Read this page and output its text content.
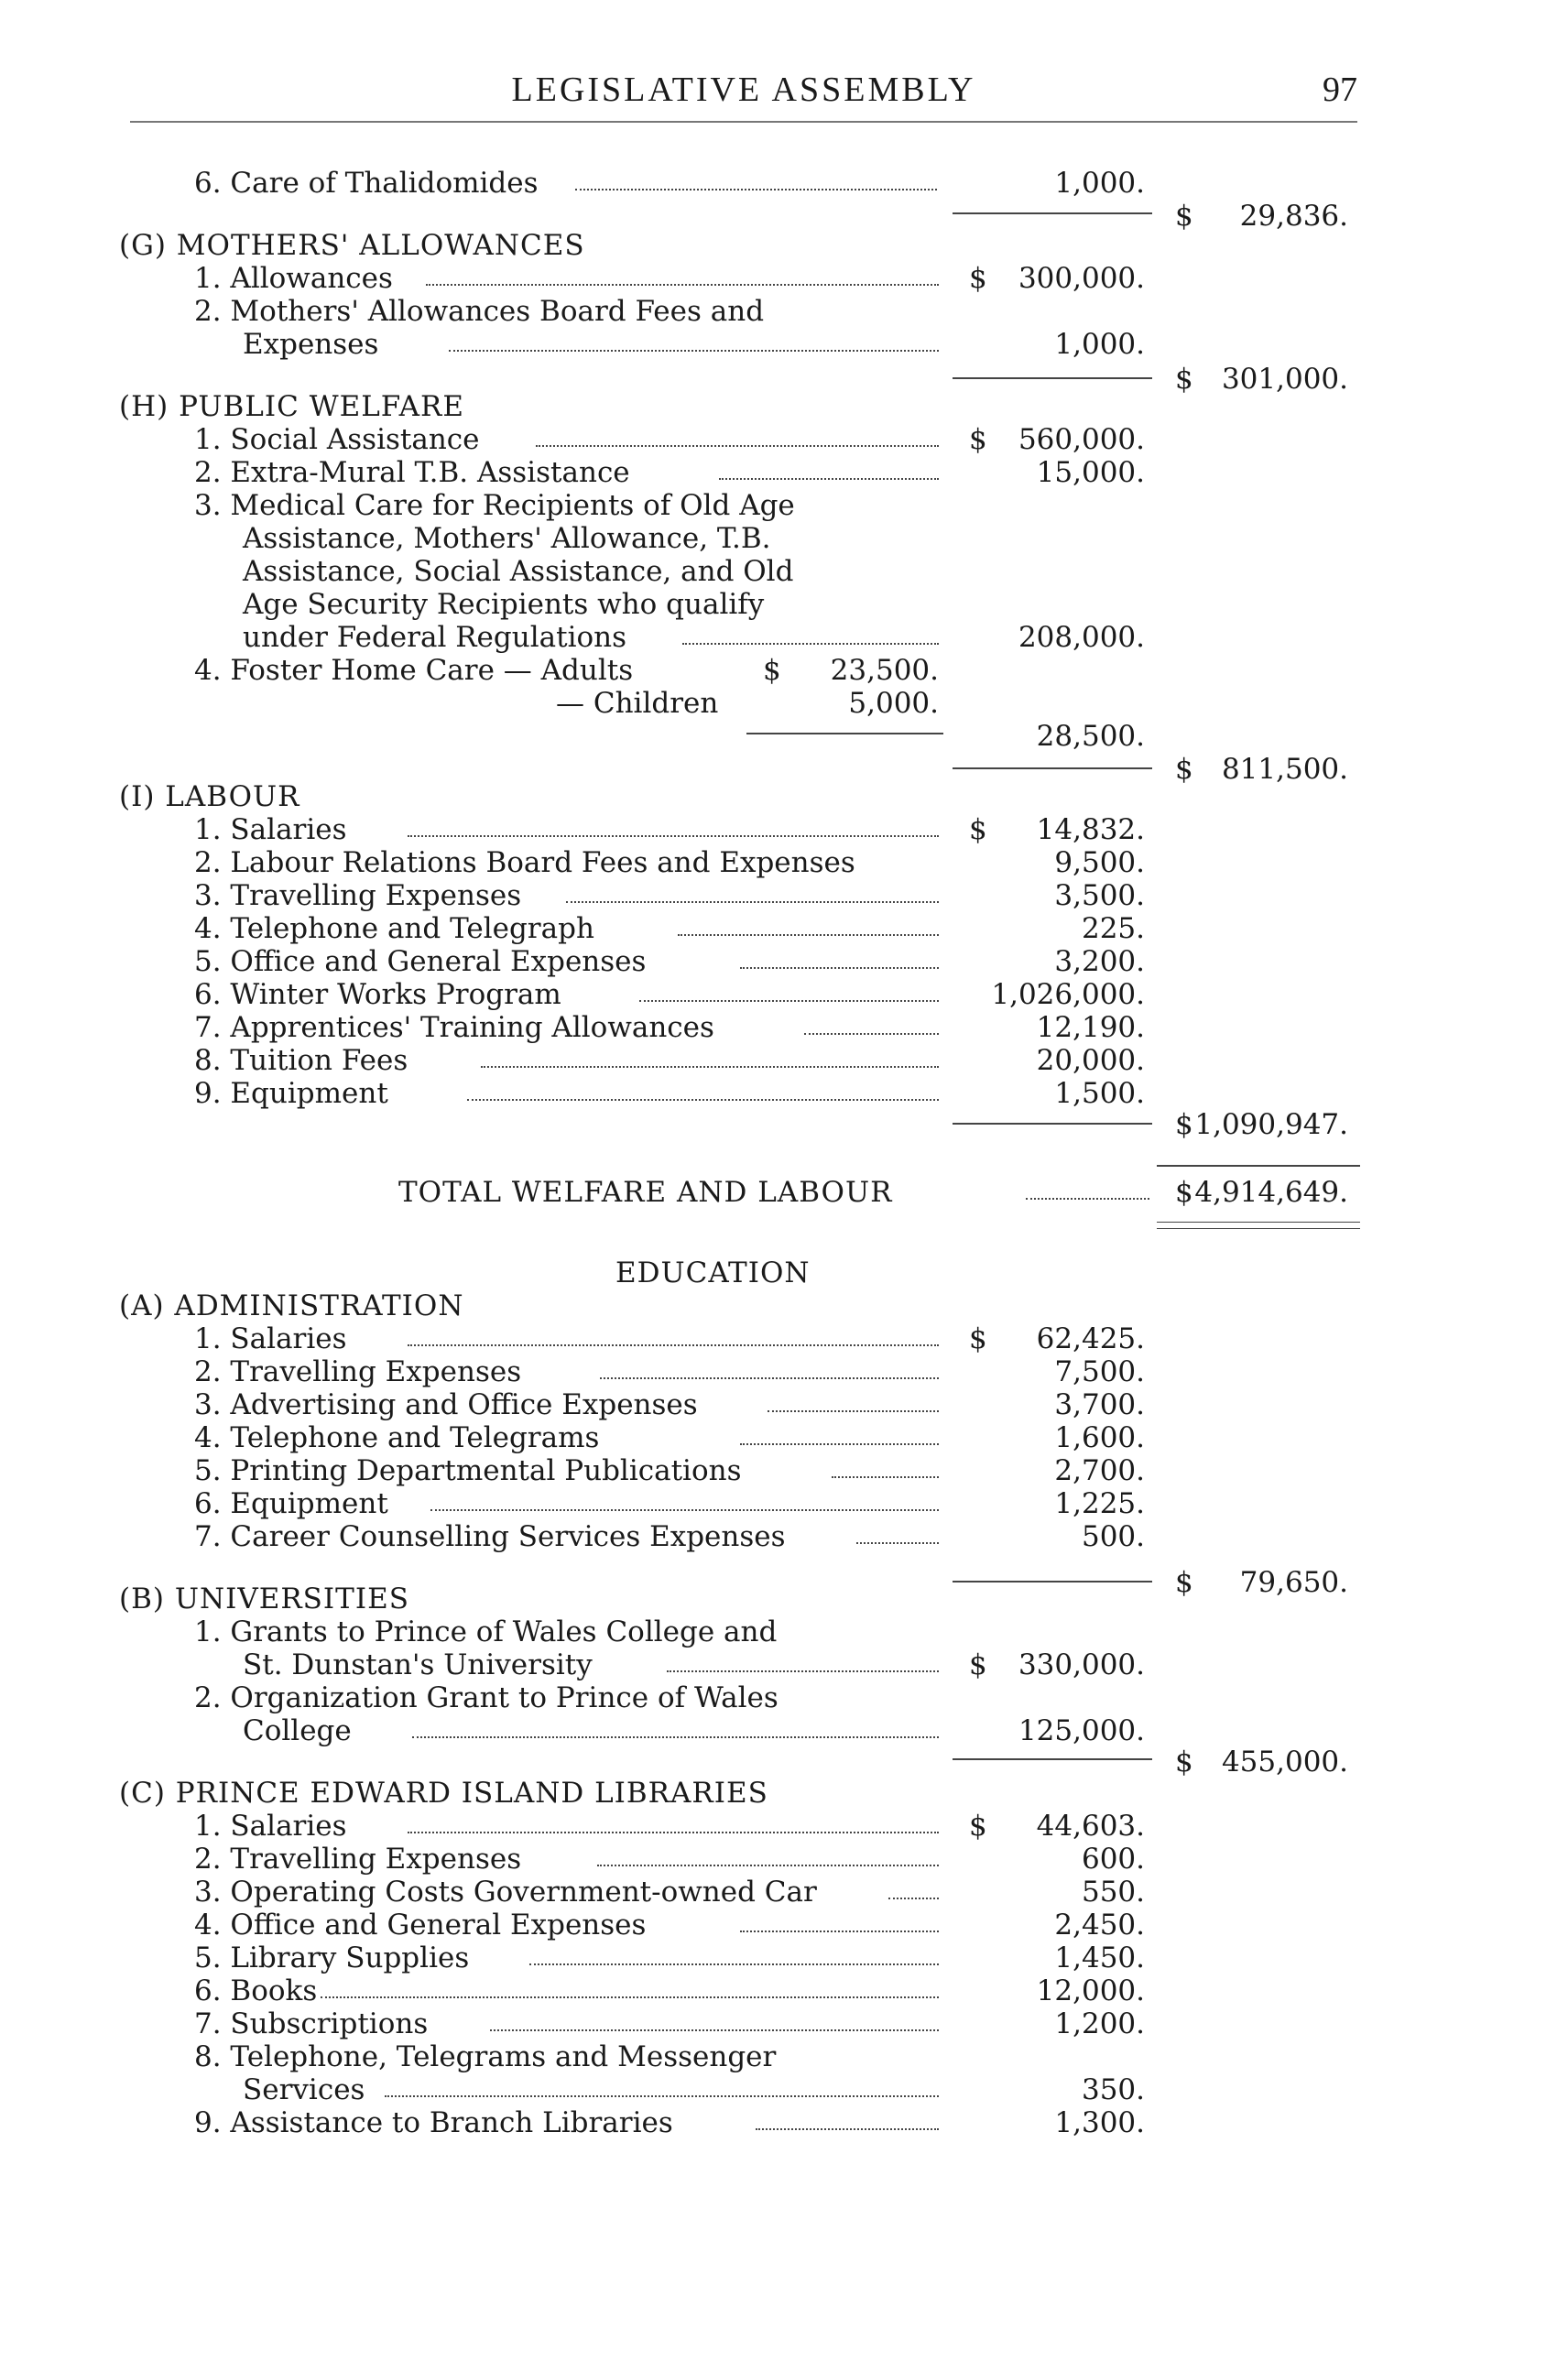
LEGISLATIVE ASSEMBLY	97
6. Care of Thalidomides	1,000.
$ 29,836.
(G) MOTHERS' ALLOWANCES
1. Allowances	$ 300,000.
2. Mothers' Allowances Board Fees and
Expenses	1,000.
$ 301,000.
(H) PUBLIC WELFARE
1. Social Assistance	$ 560,000.
2. Extra-Mural T.B. Assistance	15,000.
3. Medical Care for Recipients of Old Age
Assistance, Mothers' Allowance, T.B.
Assistance, Social Assistance, and Old
Age Security Recipients who qualify
under Federal Regulations	208,000.
4. Foster Home Care — Adults	$ 23,500.
— Children	5,000.
28,500.
$ 811,500.
(I) LABOUR
1. Salaries	$ 14,832.
2. Labour Relations Board Fees and Expenses	9,500.
3. Travelling Expenses	3,500.
4. Telephone and Telegraph	225.
5. Office and General Expenses	3,200.
6. Winter Works Program	1,026,000.
7. Apprentices' Training Allowances	12,190.
8. Tuition Fees	20,000.
9. Equipment	1,500.
$ 1,090,947.
TOTAL WELFARE AND LABOUR	$ 4,914,649.
EDUCATION
(A) ADMINISTRATION
1. Salaries	$ 62,425.
2. Travelling Expenses	7,500.
3. Advertising and Office Expenses	3,700.
4. Telephone and Telegrams	1,600.
5. Printing Departmental Publications	2,700.
6. Equipment	1,225.
7. Career Counselling Services Expenses	500.
$ 79,650.
(B) UNIVERSITIES
1. Grants to Prince of Wales College and
St. Dunstan's University	$ 330,000.
2. Organization Grant to Prince of Wales
College	125,000.
$ 455,000.
(C) PRINCE EDWARD ISLAND LIBRARIES
1. Salaries	$ 44,603.
2. Travelling Expenses	600.
3. Operating Costs Government-owned Car	550.
4. Office and General Expenses	2,450.
5. Library Supplies	1,450.
6. Books	12,000.
7. Subscriptions	1,200.
8. Telephone, Telegrams and Messenger
Services	350.
9. Assistance to Branch Libraries	1,300.
